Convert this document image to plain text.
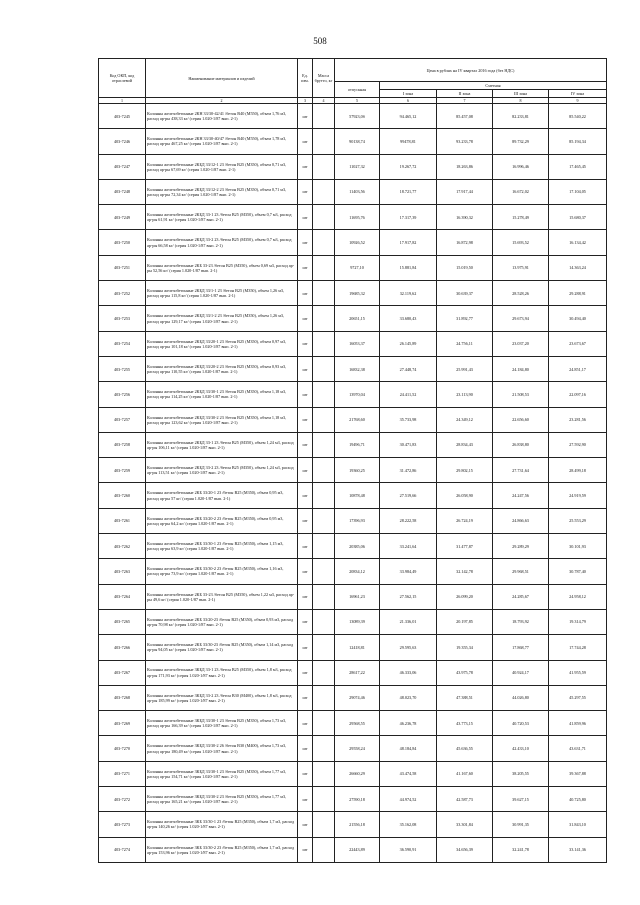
508
Код ОКП, код отраслевой	Наименование материалов и изделий	Ед. изм.	Масса брутто, кг	Цена в рублях на IV квартал 2016 года (без НДС)				
				отпускная	Сметная			
					I зона	II зона	III зона	IV зона
1	2	3	4	5	6	7	8	9
403-7245	Колонны железобетонные 2КН 33/30-42/41 /бетон В40 (М550), объем 1,76 м3, расход ар-ры 438,33 кг/ (серия 1.020-1/87 вып. 2-1)	шт		57923,0б	94.465,12	85.457,08	82.233,81	85.540,22
403-7246	Колонны железобетонные 2КН 33/30-40/47 /бетон В40 (М550), объем 1,78 м3, расход ар-ры 467,25 кг/ (серия 1.020-1/87 вып. 2-1)	шт		90138,74	99478,81	93.233,78	89.732,29	85.194,34
403-7247	Колонны железобетонные 2КБД 33/12-1 23 /бетон В25 (М350), объем 0,71 м3, расход ар-ры 67,69 кг/ (серия 1.020-1/87 вып. 2-1)	шт		11027,32	19.267,72	18.263,86	16.996,46	17.465,45
403-7248	Колонны железобетонные 2КБД 33/12-2 23 /бетон В25 (М350), объем 0,71 м3, расход ар-ры 72,34 кг/ (серия 1.020-1/87 вып. 2-1)	шт		11403,56	18.721,77	17.917,44	16.672,02	17.104,05
403-7249	Колонны железобетонные 2КБД 33-1 23 /бетон В25 (М350), объем 0,7 м3, расход ар-ры 61,91 кг/ (серия 1.020-1/87 вып. 2-1)	шт		11695,76	17.317,39	16.390,32	15.278,49	15.680,37
403-7250	Колонны железобетонные 2КБД 33-2 23 /бетон В25 (М350), объем 0,7 м3, расход ар-ры 66,58 кг/ (серия 1.020-1/87 вып. 2-1)	шт		10926,52	17.917,82	16.872,98	15.693,52	16.134,42
403-7251	Колонны железобетонные 2КБ 33-23 /бетон В25 (М350), объем 0,69 м3, расход ар-ры 52,56 кг/ (серия 1.020-1/87 вып. 2-1)	шт		9727,10	15.881,84	15.019,50	13.975,91	14.363,24
403-7252	Колонны железобетонные 2КБД 33/1-1 23 /бетон В25 (М350), объем 1,26 м3, расход ар-ры 115,8 кг/ (серия 1.020-1/87 вып. 2-1)	шт		19685,32	32.119,62	30.639,37	28.528,26	29.288,91
403-7253	Колонны железобетонные 2КБД 33/1-2 23 /бетон В25 (М350), объем 1,26 м3, расход ар-ры 129,17 кг/ (серия 1.020-1/87 вып. 2-1)	шт		20651,15	33.680,43	31.892,77	29.673,94	30.494,40
403-7254	Колонны железобетонные 2КБД 33/20-1 23 /бетон В25 (М350), объем 0,97 м3, расход ар-ры 101,18 кг/ (серия 1.020-1/87 вып. 2-1)	шт		16053,37	26.145,89	24.756,11	23.037,20	23.673,67
403-7255	Колонны железобетонные 2КБД 33/20-2 23 /бетон В25 (М350), объем 0,93 м3, расход ар-ры 110,55 кг/ (серия 1.020-1/87 вып. 2-1)	шт		16832,38	27.448,74	25.991,43	24.184,80	24.851,17
403-7256	Колонны железобетонные 2КБД 33/30-1 23 /бетон В25 (М350), объем 1,18 м3, расход ар-ры 114,25 кг/ (серия 1.020-1/87 вып. 2-1)	шт		13970,04	24.411,52	23.113,90	21.508,53	22.097,16
403-7257	Колонны железобетонные 2КБД 33/30-2 23 /бетон В25 (М350), объем 1,18 м3, расход ар-ры 123,62 кг/ (серия 1.020-1/87 вып. 2-1)	шт		21768,60	35.733,98	24.349,12	22.656,60	23.281,56
403-7258	Колонны железобетонные 2КБД 33-1 23 /бетон В25 (М350), объем 1,24 м3, расход ар-ры 106,11 кг/ (серия 1.020-1/87 вып. 2-1)	шт		19496,71	30.471,83	28.834,43	26.838,80	27.592,90
403-7259	Колонны железобетонные 2КБД 33-2 23 /бетон В25 (М350), объем 1,24 м3, расход ар-ры 113,51 кг/ (серия 1.020-1/87 вып. 2-1)	шт		19360,25	31.472,86	29.802,15	27.731,64	28.499,18
403-7260	Колонны железобетонные 2КБ 33/20-1 23 /бетон В25 (М350), объем 0,95 м3, расход ар-ры 57 кг/ (серия 1.020-1/87 вып. 2-1)	шт		10878,48	27.519,66	26.058,90	24.247,56	24.919,59
403-7261	Колонны железобетонные 2КБ 33/20-2 23 /бетон В25 (М350), объем 0,95 м3, расход ар-ры 64,2 кг/ (серия 1.020-1/87 вып. 2-1)	шт		17396,93	28.222,58	26.724,19	24.866,63	25.553,29
403-7262	Колонны железобетонные 2КБ 33/30-1 23 /бетон В25 (М350), объем 1,15 м3, расход ар-ры 63,9 кг/ (серия 1.020-1/87 вып. 2-1)	шт		20385,06	33.241,64	31.477,87	29.289,29	30.101,93
403-7263	Колонны железобетонные 2КБ 33/30-2 23 /бетон В25 (М350), объем 1,16 м3, расход ар-ры 73,9 кг/ (серия 1.020-1/87 вып. 2-1)	шт		20834,12	33.984,49	32.142,78	29.968,51	30.787,40
403-7264	Колонны железобетонные 2КБ 33-23 /бетон В25 (М350), объем 1,22 м3, расход ар-ры 49,6 кг/ (серия 1.020-1/87 вып. 2-1)	шт		16961,23	27.562,15	26.099,20	24.285,67	24.958,12
403-7265	Колонны железобетонные 2КБ 33/20-23 /бетон В25 (М350), объем 0,93 м3, расход ар-ры 70,98 кг/ (серия 1.020-1/87 вып. 2-1)	шт		13089,39	21.336,01	20.197,85	18.793,92	19.314,79
403-7266	Колонны железобетонные 2КБ 33/30-23 /бетон В25 (М350), объем 1,14 м3, расход ар-ры 94,05 кг/ (серия 1.020-1/87 вып. 2-1)	шт		12418,81	29.595,63	19.355,34	17.868,77	17.744,28
403-7267	Колонны железобетонные 3КБД 33-1 23 /бетон В25 (М350), объем 1,8 м3, расход ар-ры 171,93 кг/ (серия 1.020-1/87 вып. 2-1)	шт		28617,22	46.333,06	43.975,78	40.924,17	41.955,59
403-7268	Колонны железобетонные 3КБД 33-2 23 /бетон В30 (М400), объем 1,8 м3, расход ар-ры 185,99 кг/ (серия 1.020-1/87 вып. 2-1)	шт		29074,46	48.023,70	47.388,51	44.026,80	45.297,55
403-7269	Колонны железобетонные 3КБД 33/30-1 23 /бетон В25 (М350), объем 1,73 м3, расход ар-ры 166,39 кг/ (серия 1.020-1/87 вып. 2-1)	шт		29568,55	46.236,78	43.773,15	40.720,53	41.859,96
403-7270	Колонны железобетонные 3КБД 33/30-2 26 /бетон В30 (М400), объем 1,73 м3, расход ар-ры 180,49 кг/ (серия 1.020-1/87 вып. 2-1)	шт		29558,24	48.184,84	45.636,55	42.433,10	43.631,71
403-7271	Колонны железобетонные 3КБД 33/30-1 23 /бетон В25 (М350), объем 1,77 м3, расход ар-ры 154,71 кг/ (серия 1.020-1/87 вып. 2-1)	шт		26660,29	43.474,58	41.167,60	38.205,55	39.367,88
403-7272	Колонны железобетонные 3КБД 33/30-2 23 /бетон В25 (М350), объем 1,77 м3, расход ар-ры 165,21 кг/ (серия 1.020-1/87 вып. 2-1)	шт		27590,18	44.974,52	42.587,73	39.627,15	40.725,80
403-7273	Колонны железобетонные 3КБ 33/30-1 23 /бетон В25 (М350), объем 1,7 м3, расход ар-ры 140,26 кг/ (серия 1.020-1/87 вып. 2-1)	шт		21556,18	35.162,08	33.301,84	30.991,35	31.843,10
403-7274	Колонны железобетонные 3КБ 33/30-2 23 /бетон В25 (М350), объем 1,7 м3, расход ар-ры 153,96 кг/ (серия 1.020-1/87 вып. 2-1)	шт		22443,89	36.590,91	34.656,39	32.241,78	33.141,36
